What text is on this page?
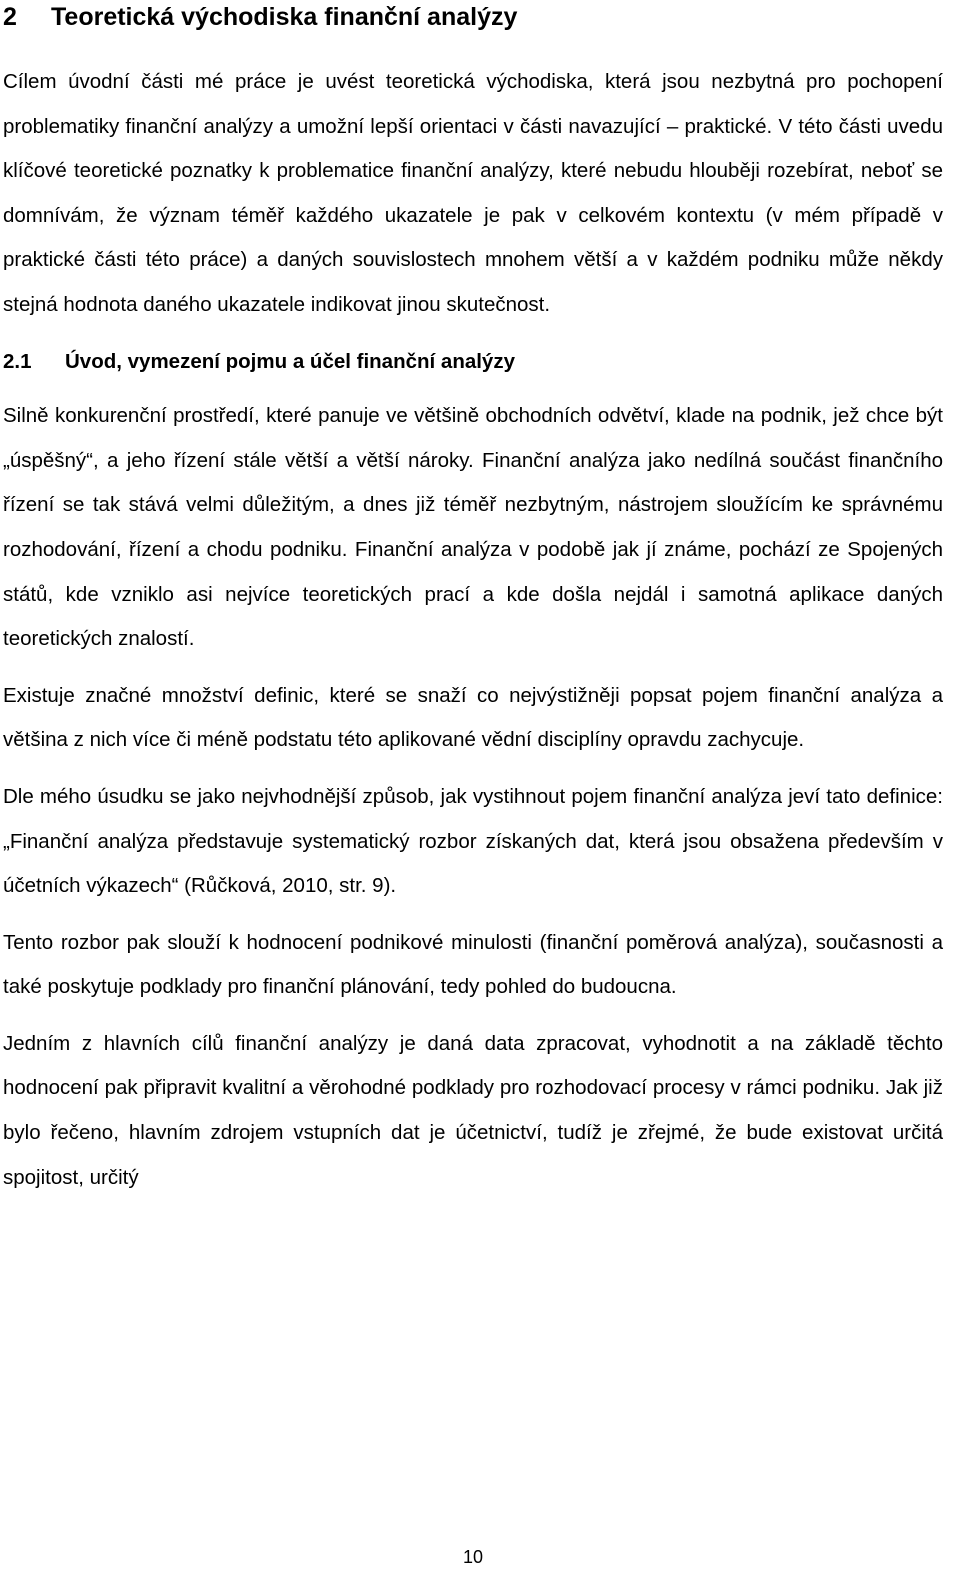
2 Teoretická východiska finanční analýzy

Cílem úvodní části mé práce je uvést teoretická východiska, která jsou nezbytná pro pochopení problematiky finanční analýzy a umožní lepší orientaci v části navazující – praktické. V této části uvedu klíčové teoretické poznatky k problematice finanční analýzy, které nebudu hlouběji rozebírat, neboť se domnívám, že význam téměř každého ukazatele je pak v celkovém kontextu (v mém případě v praktické části této práce) a daných souvislostech mnohem větší a v každém podniku může někdy stejná hodnota daného ukazatele indikovat jinou skutečnost.

2.1 Úvod, vymezení pojmu a účel finanční analýzy

Silně konkurenční prostředí, které panuje ve většině obchodních odvětví, klade na podnik, jež chce být „úspěšný“, a jeho řízení stále větší a větší nároky. Finanční analýza jako nedílná součást finančního řízení se tak stává velmi důležitým, a dnes již téměř nezbytným, nástrojem sloužícím ke správnému rozhodování, řízení a chodu podniku. Finanční analýza v podobě jak jí známe, pochází ze Spojených států, kde vzniklo asi nejvíce teoretických prací a kde došla nejdál i samotná aplikace daných teoretických znalostí.

Existuje značné množství definic, které se snaží co nejvýstižněji popsat pojem finanční analýza a většina z nich více či méně podstatu této aplikované vědní disciplíny opravdu zachycuje.

Dle mého úsudku se jako nejvhodnější způsob, jak vystihnout pojem finanční analýza jeví tato definice: „Finanční analýza představuje systematický rozbor získaných dat, která jsou obsažena především v účetních výkazech“ (Růčková, 2010, str. 9).

Tento rozbor pak slouží k hodnocení podnikové minulosti (finanční poměrová analýza), současnosti a také poskytuje podklady pro finanční plánování, tedy pohled do budoucna.

Jedním z hlavních cílů finanční analýzy je daná data zpracovat, vyhodnotit a na základě těchto hodnocení pak připravit kvalitní a věrohodné podklady pro rozhodovací procesy v rámci podniku. Jak již bylo řečeno, hlavním zdrojem vstupních dat je účetnictví, tudíž je zřejmé, že bude existovat určitá spojitost, určitý

10
